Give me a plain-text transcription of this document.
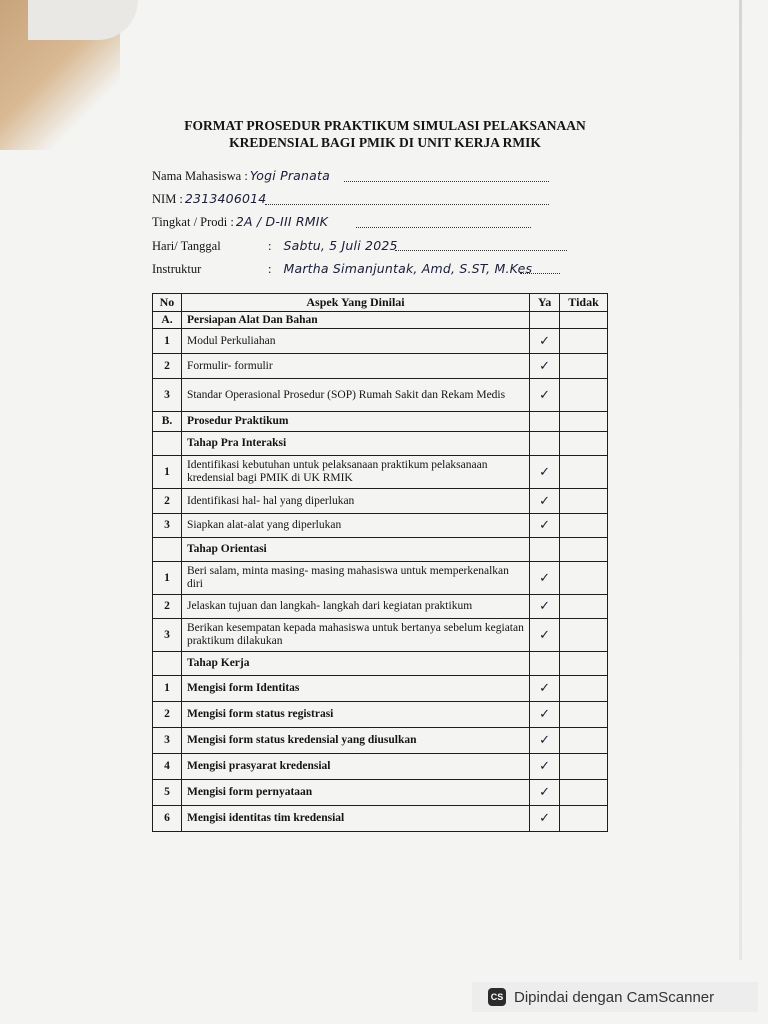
FORMAT PROSEDUR PRAKTIKUM SIMULASI PELAKSANAAN
KREDENSIAL BAGI PMIK DI UNIT KERJA RMIK
Nama Mahasiswa : Yogi Pranata
NIM : 2313406014
Tingkat / Prodi : 2A / D-III RMIK
Hari/ Tanggal	: Sabtu, 5 Juli 2025
Instruktur	: Martha Simanjuntak, Amd, S.ST, M.Kes
No	Aspek Yang Dinilai	Ya	Tidak
A.	Persiapan Alat Dan Bahan		
1	Modul Perkuliahan	✓	
2	Formulir- formulir	✓	
3	Standar Operasional Prosedur (SOP) Rumah Sakit dan Rekam Medis	✓	
B.	Prosedur Praktikum		
	Tahap Pra Interaksi		
1	Identifikasi kebutuhan untuk pelaksanaan praktikum pelaksanaan kredensial bagi PMIK di UK RMIK	✓	
2	Identifikasi hal- hal yang diperlukan	✓	
3	Siapkan alat-alat yang diperlukan	✓	
	Tahap Orientasi		
1	Beri salam, minta masing- masing mahasiswa untuk memperkenalkan diri	✓	
2	Jelaskan tujuan dan langkah- langkah dari kegiatan praktikum	✓	
3	Berikan kesempatan kepada mahasiswa untuk bertanya sebelum kegiatan praktikum dilakukan	✓	
	Tahap Kerja		
1	Mengisi form Identitas	✓	
2	Mengisi form status registrasi	✓	
3	Mengisi form status kredensial yang diusulkan	✓	
4	Mengisi prasyarat kredensial	✓	
5	Mengisi form pernyataan	✓	
6	Mengisi identitas tim kredensial	✓	
CS Dipindai dengan CamScanner
